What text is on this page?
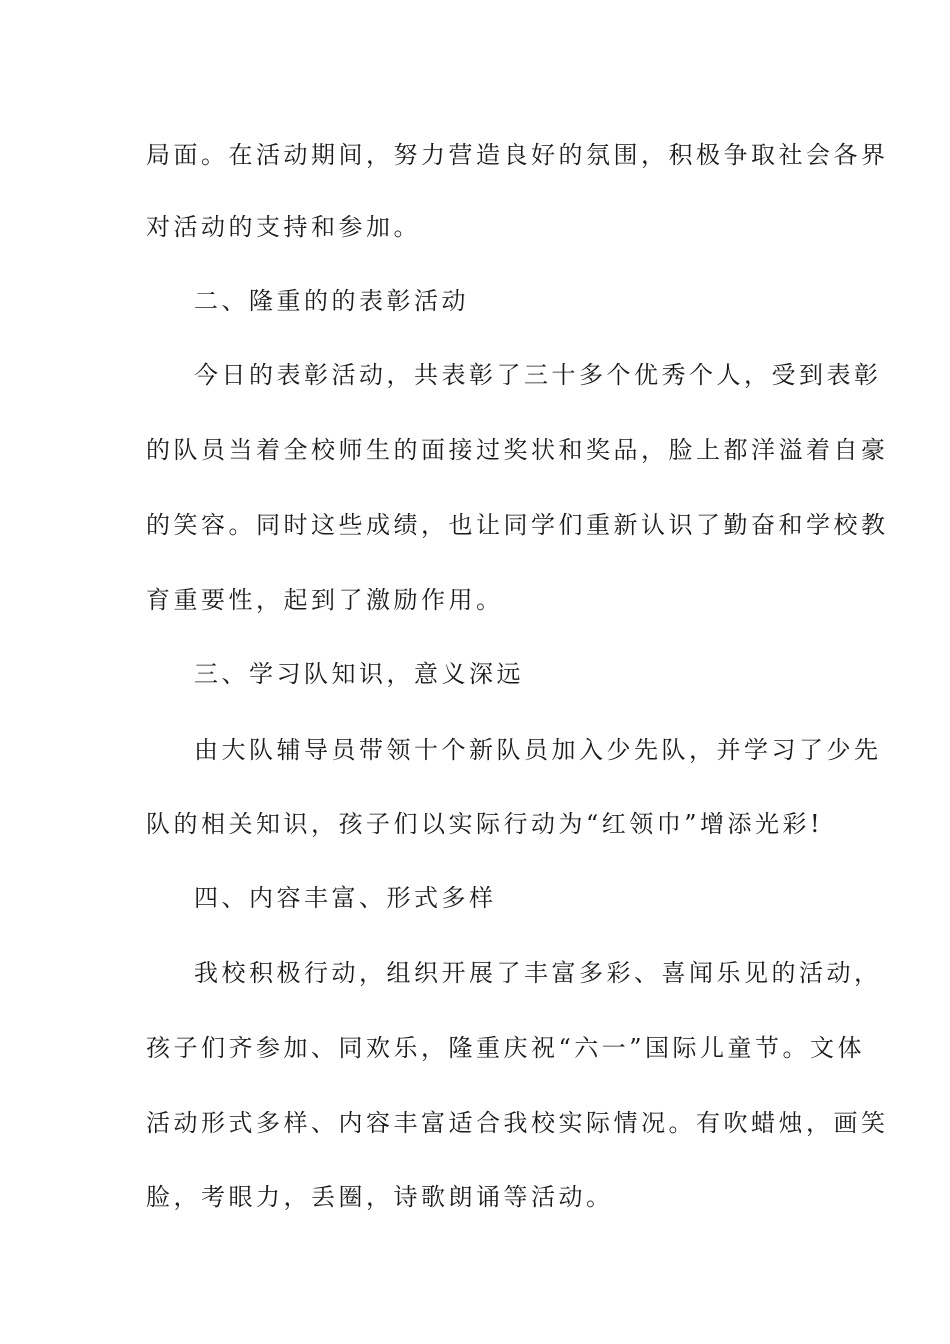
局面。在活动期间，努力营造良好的氛围，积极争取社会各界
对活动的支持和参加。
二、隆重的的表彰活动
今日的表彰活动，共表彰了三十多个优秀个人，受到表彰
的队员当着全校师生的面接过奖状和奖品，脸上都洋溢着自豪
的笑容。同时这些成绩，也让同学们重新认识了勤奋和学校教
育重要性，起到了激励作用。
三、学习队知识，意义深远
由大队辅导员带领十个新队员加入少先队，并学习了少先
队的相关知识，孩子们以实际行动为“红领巾”增添光彩!
四、内容丰富、形式多样
我校积极行动，组织开展了丰富多彩、喜闻乐见的活动，
孩子们齐参加、同欢乐，隆重庆祝“六一”国际儿童节。文体
活动形式多样、内容丰富适合我校实际情况。有吹蜡烛，画笑
脸，考眼力，丢圈，诗歌朗诵等活动。
